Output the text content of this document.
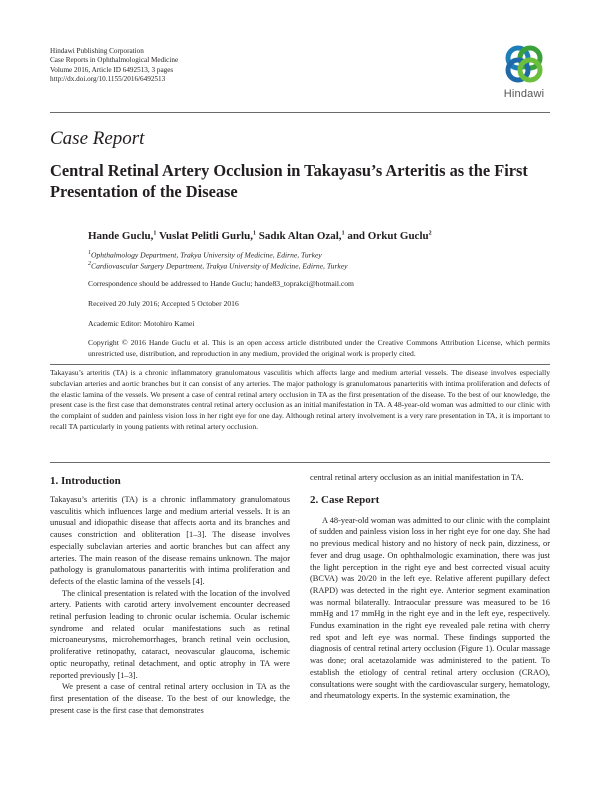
Hindawi Publishing Corporation
Case Reports in Ophthalmological Medicine
Volume 2016, Article ID 6492513, 3 pages
http://dx.doi.org/10.1155/2016/6492513
Hindawi
Case Report
Central Retinal Artery Occlusion in Takayasu’s Arteritis as the First Presentation of the Disease
Hande Guclu,$^1$ Vuslat Pelitli Gurlu,$^1$ Sadık Altan Ozal,$^1$ and Orkut Guclu$^2$
$^1$Ophthalmology Department, Trakya University of Medicine, Edirne, Turkey
$^2$Cardiovascular Surgery Department, Trakya University of Medicine, Edirne, Turkey
Correspondence should be addressed to Hande Guclu; hande83_toprakci@hotmail.com
Received 20 July 2016; Accepted 5 October 2016
Academic Editor: Motohiro Kamei
Copyright © 2016 Hande Guclu et al. This is an open access article distributed under the Creative Commons Attribution License, which permits unrestricted use, distribution, and reproduction in any medium, provided the original work is properly cited.
Takayasu’s arteritis (TA) is a chronic inflammatory granulomatous vasculitis which affects large and medium arterial vessels. The disease involves especially subclavian arteries and aortic branches but it can consist of any arteries. The major pathology is granulomatous panarteritis with intima proliferation and defects of the elastic lamina of the vessels. We present a case of central retinal artery occlusion in TA as the first presentation of the disease. To the best of our knowledge, the present case is the first case that demonstrates central retinal artery occlusion as an initial manifestation in TA. A 48-year-old woman was admitted to our clinic with the complaint of sudden and painless vision loss in her right eye for one day. Although retinal artery involvement is a very rare presentation in TA, it is important to recall TA particularly in young patients with retinal artery occlusion.

1. Introduction

Takayasu’s arteritis (TA) is a chronic inflammatory granulomatous vasculitis which influences large and medium arterial vessels. It is an unusual and idiopathic disease that affects aorta and its branches and causes constriction and obliteration [1–3]. The disease involves especially subclavian arteries and aortic branches but can affect any arteries. The main reason of the disease remains unknown. The major pathology is granulomatous panarteritis with intima proliferation and defects of the elastic lamina of the vessels [4].

The clinical presentation is related with the location of the involved artery. Patients with carotid artery involvement encounter decreased retinal perfusion leading to chronic ocular ischemia. Ocular ischemic syndrome and related ocular manifestations such as retinal microaneurysms, microhemorrhages, branch retinal vein occlusion, proliferative retinopathy, cataract, neovascular glaucoma, ischemic optic neuropathy, retinal detachment, and optic atrophy in TA were reported previously [1–3].

We present a case of central retinal artery occlusion in TA as the first presentation of the disease. To the best of our knowledge, the present case is the first case that demonstrates

central retinal artery occlusion as an initial manifestation in TA.

2. Case Report

A 48-year-old woman was admitted to our clinic with the complaint of sudden and painless vision loss in her right eye for one day. She had no previous medical history and no history of neck pain, dizziness, or fever and drug usage. On ophthalmologic examination, there was just the light perception in the right eye and best corrected visual acuity (BCVA) was 20/20 in the left eye. Relative afferent pupillary defect (RAPD) was detected in the right eye. Anterior segment examination was normal bilaterally. Intraocular pressure was measured to be 16 mmHg and 17 mmHg in the right eye and in the left eye, respectively. Fundus examination in the right eye revealed pale retina with cherry red spot and left eye was normal. These findings supported the diagnosis of central retinal artery occlusion (Figure 1). Ocular massage was done; oral acetazolamide was administered to the patient. To establish the etiology of central retinal artery occlusion (CRAO), consultations were sought with the cardiovascular surgery, hematology, and rheumatology experts. In the systemic examination, the
